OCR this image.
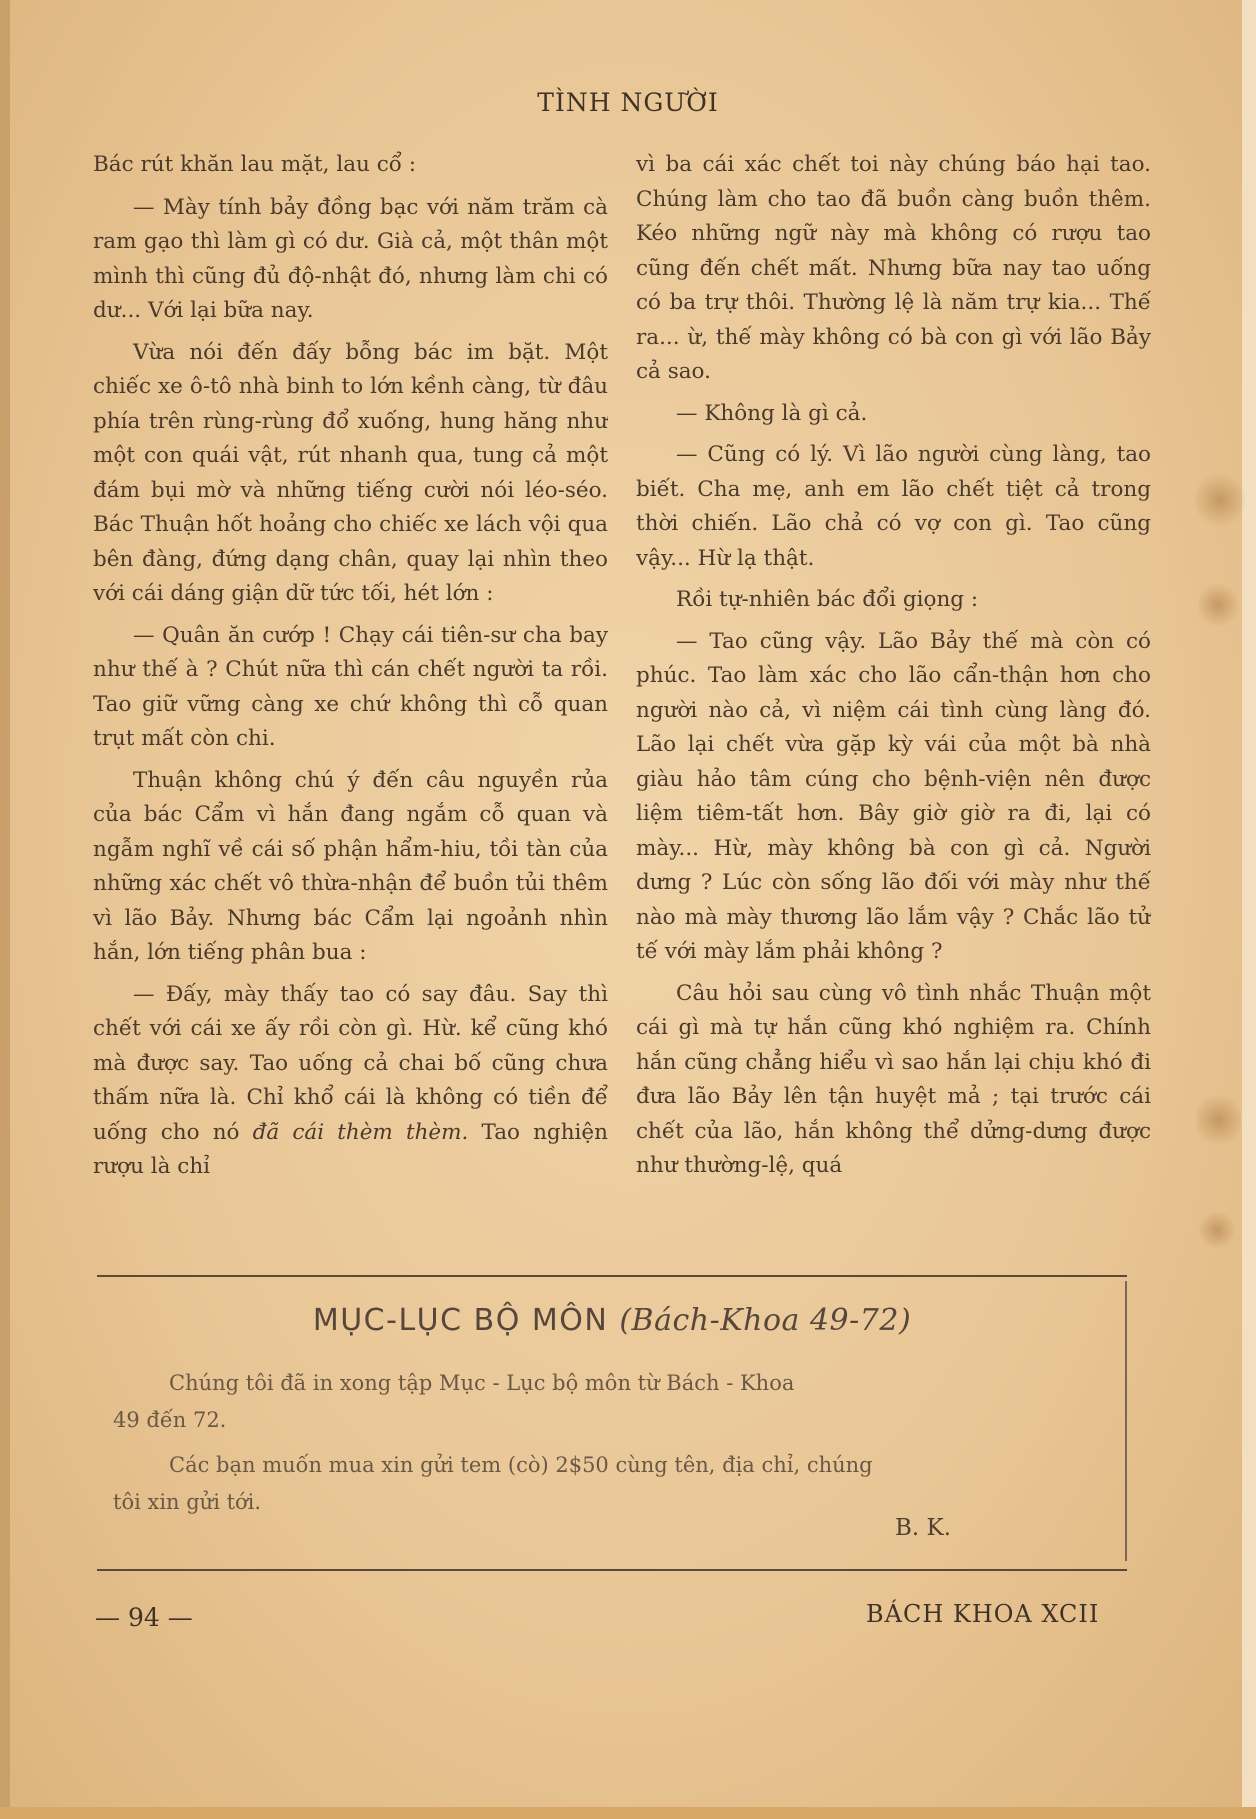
TÌNH NGƯỜI

Bác rút khăn lau mặt, lau cổ :

— Mày tính bảy đồng bạc với năm trăm cà ram gạo thì làm gì có dư. Già cả, một thân một mình thì cũng đủ độ-nhật đó, nhưng làm chi có dư... Với lại bữa nay.

Vừa nói đến đấy bỗng bác im bặt. Một chiếc xe ô-tô nhà binh to lớn kềnh càng, từ đâu phía trên rùng-rùng đổ xuống, hung hăng như một con quái vật, rút nhanh qua, tung cả một đám bụi mờ và những tiếng cười nói léo-séo. Bác Thuận hốt hoảng cho chiếc xe lách vội qua bên đàng, đứng dạng chân, quay lại nhìn theo với cái dáng giận dữ tức tối, hét lớn :

— Quân ăn cướp ! Chạy cái tiên-sư cha bay như thế à ? Chút nữa thì cán chết người ta rồi. Tao giữ vững càng xe chứ không thì cỗ quan trụt mất còn chi.

Thuận không chú ý đến câu nguyền rủa của bác Cẩm vì hắn đang ngắm cỗ quan và ngẫm nghĩ về cái số phận hẩm-hiu, tồi tàn của những xác chết vô thừa-nhận để buồn tủi thêm vì lão Bảy. Nhưng bác Cẩm lại ngoảnh nhìn hắn, lớn tiếng phân bua :

— Đấy, mày thấy tao có say đâu. Say thì chết với cái xe ấy rồi còn gì. Hừ. kể cũng khó mà được say. Tao uống cả chai bố cũng chưa thấm nữa là. Chỉ khổ cái là không có tiền để uống cho nó đã cái thèm thèm. Tao nghiện rượu là chỉ

vì ba cái xác chết toi này chúng báo hại tao. Chúng làm cho tao đã buồn càng buồn thêm. Kéo những ngữ này mà không có rượu tao cũng đến chết mất. Nhưng bữa nay tao uống có ba trự thôi. Thường lệ là năm trự kia... Thế ra... ừ, thế mày không có bà con gì với lão Bảy cả sao.

— Không là gì cả.

— Cũng có lý. Vì lão người cùng làng, tao biết. Cha mẹ, anh em lão chết tiệt cả trong thời chiến. Lão chả có vợ con gì. Tao cũng vậy... Hừ lạ thật.

Rồi tự-nhiên bác đổi giọng :

— Tao cũng vậy. Lão Bảy thế mà còn có phúc. Tao làm xác cho lão cẩn-thận hơn cho người nào cả, vì niệm cái tình cùng làng đó. Lão lại chết vừa gặp kỳ vái của một bà nhà giàu hảo tâm cúng cho bệnh-viện nên được liệm tiêm-tất hơn. Bây giờ giờ ra đi, lại có mày... Hừ, mày không bà con gì cả. Người dưng ? Lúc còn sống lão đối với mày như thế nào mà mày thương lão lắm vậy ? Chắc lão tử tế với mày lắm phải không ?

Câu hỏi sau cùng vô tình nhắc Thuận một cái gì mà tự hắn cũng khó nghiệm ra. Chính hắn cũng chẳng hiểu vì sao hắn lại chịu khó đi đưa lão Bảy lên tận huyệt mả ; tại trước cái chết của lão, hắn không thể dửng-dưng được như thường-lệ, quá

MỤC-LỤC BỘ MÔN (Bách-Khoa 49-72)
Chúng tôi đã in xong tập Mục - Lục bộ môn từ Bách - Khoa
49 đến 72.
Các bạn muốn mua xin gửi tem (cò) 2$50 cùng tên, địa chỉ, chúng
tôi xin gửi tới.
B. K.
— 94 —	BÁCH KHOA XCII
